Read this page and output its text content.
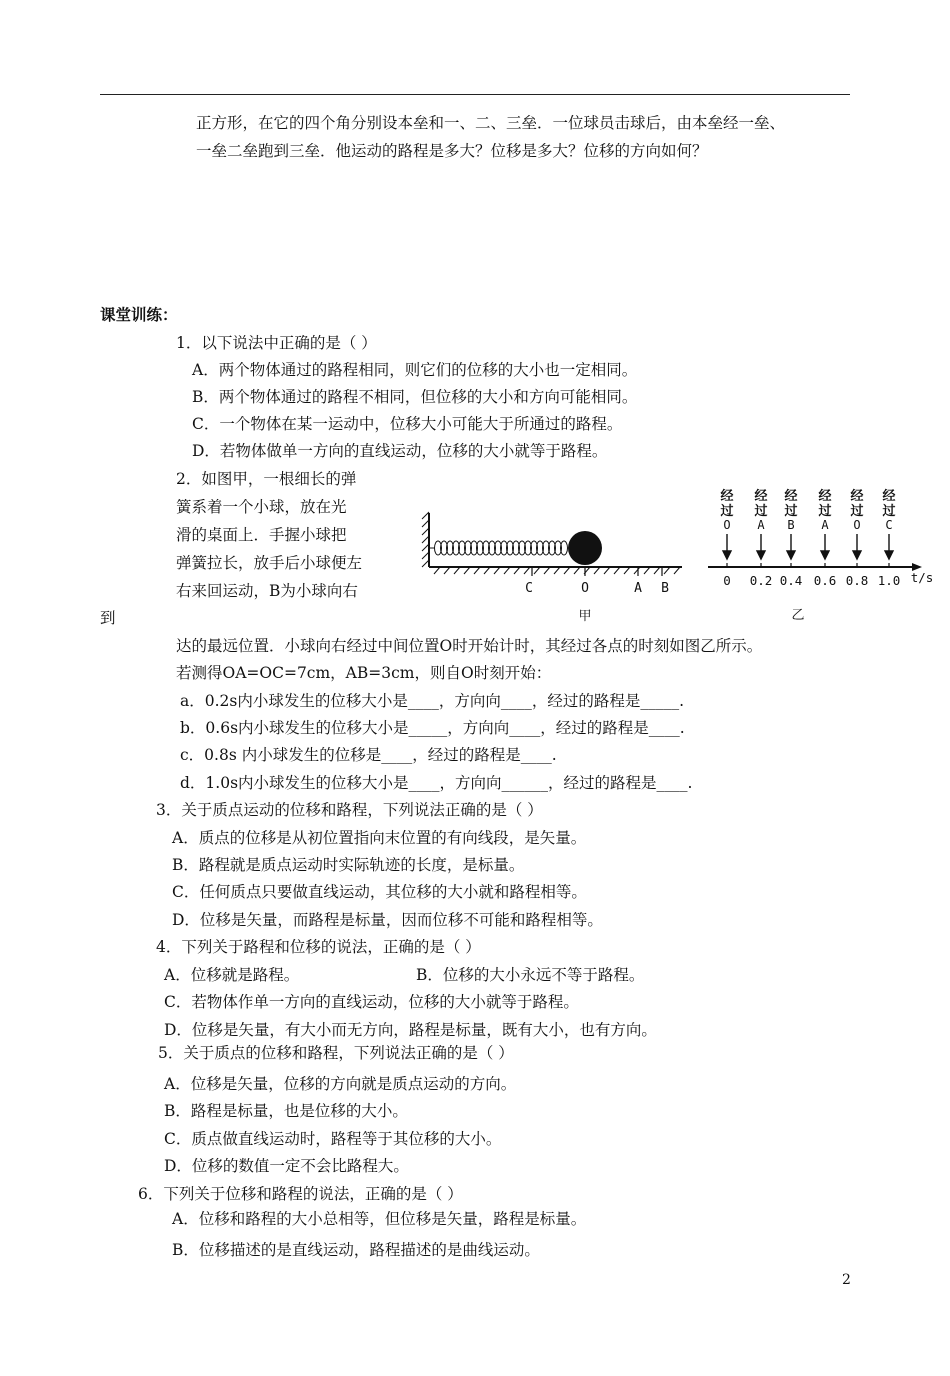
正方形，在它的四个角分别设本垒和一、二、三垒．一位球员击球后，由本垒经一垒、
一垒二垒跑到三垒．他运动的路程是多大？位移是多大？位移的方向如何？
课堂训练：
1．以下说法中正确的是（ ）
A．两个物体通过的路程相同，则它们的位移的大小也一定相同。
B．两个物体通过的路程不相同，但位移的大小和方向可能相同。
C．一个物体在某一运动中，位移大小可能大于所通过的路程。
D．若物体做单一方向的直线运动，位移的大小就等于路程。
2．如图甲，一根细长的弹
簧系着一个小球，放在光
滑的桌面上．手握小球把
弹簧拉长，放手后小球便左
右来回运动，B为小球向右
到
达的最远位置．小球向右经过中间位置O时开始计时，其经过各点的时刻如图乙所示。
若测得OA=OC=7cm，AB=3cm，则自O时刻开始：
a．0.2s内小球发生的位移大小是____，方向向____，经过的路程是_____.
b．0.6s内小球发生的位移大小是_____，方向向____，经过的路程是____.
c．0.8s 内小球发生的位移是____，经过的路程是____.
d．1.0s内小球发生的位移大小是____，方向向______，经过的路程是____.
C	O	A B
甲
经
过
O
经
过
A
经
过
B
经
过
A
经
过
O
经
过
C
0 0.2 0.4 0.6 0.8 1.0 t/s
乙
3．关于质点运动的位移和路程，下列说法正确的是（ ）
A．质点的位移是从初位置指向末位置的有向线段，是矢量。
B．路程就是质点运动时实际轨迹的长度，是标量。
C．任何质点只要做直线运动，其位移的大小就和路程相等。
D．位移是矢量，而路程是标量，因而位移不可能和路程相等。
4．下列关于路程和位移的说法，正确的是（ ）
A．位移就是路程。	B．位移的大小永远不等于路程。
C．若物体作单一方向的直线运动，位移的大小就等于路程。
D．位移是矢量，有大小而无方向，路程是标量，既有大小，也有方向。
5．关于质点的位移和路程，下列说法正确的是（ ）
A．位移是矢量，位移的方向就是质点运动的方向。
B．路程是标量，也是位移的大小。
C．质点做直线运动时，路程等于其位移的大小。
D．位移的数值一定不会比路程大。
6．下列关于位移和路程的说法，正确的是（ ）
A．位移和路程的大小总相等，但位移是矢量，路程是标量。
B．位移描述的是直线运动，路程描述的是曲线运动。
2
